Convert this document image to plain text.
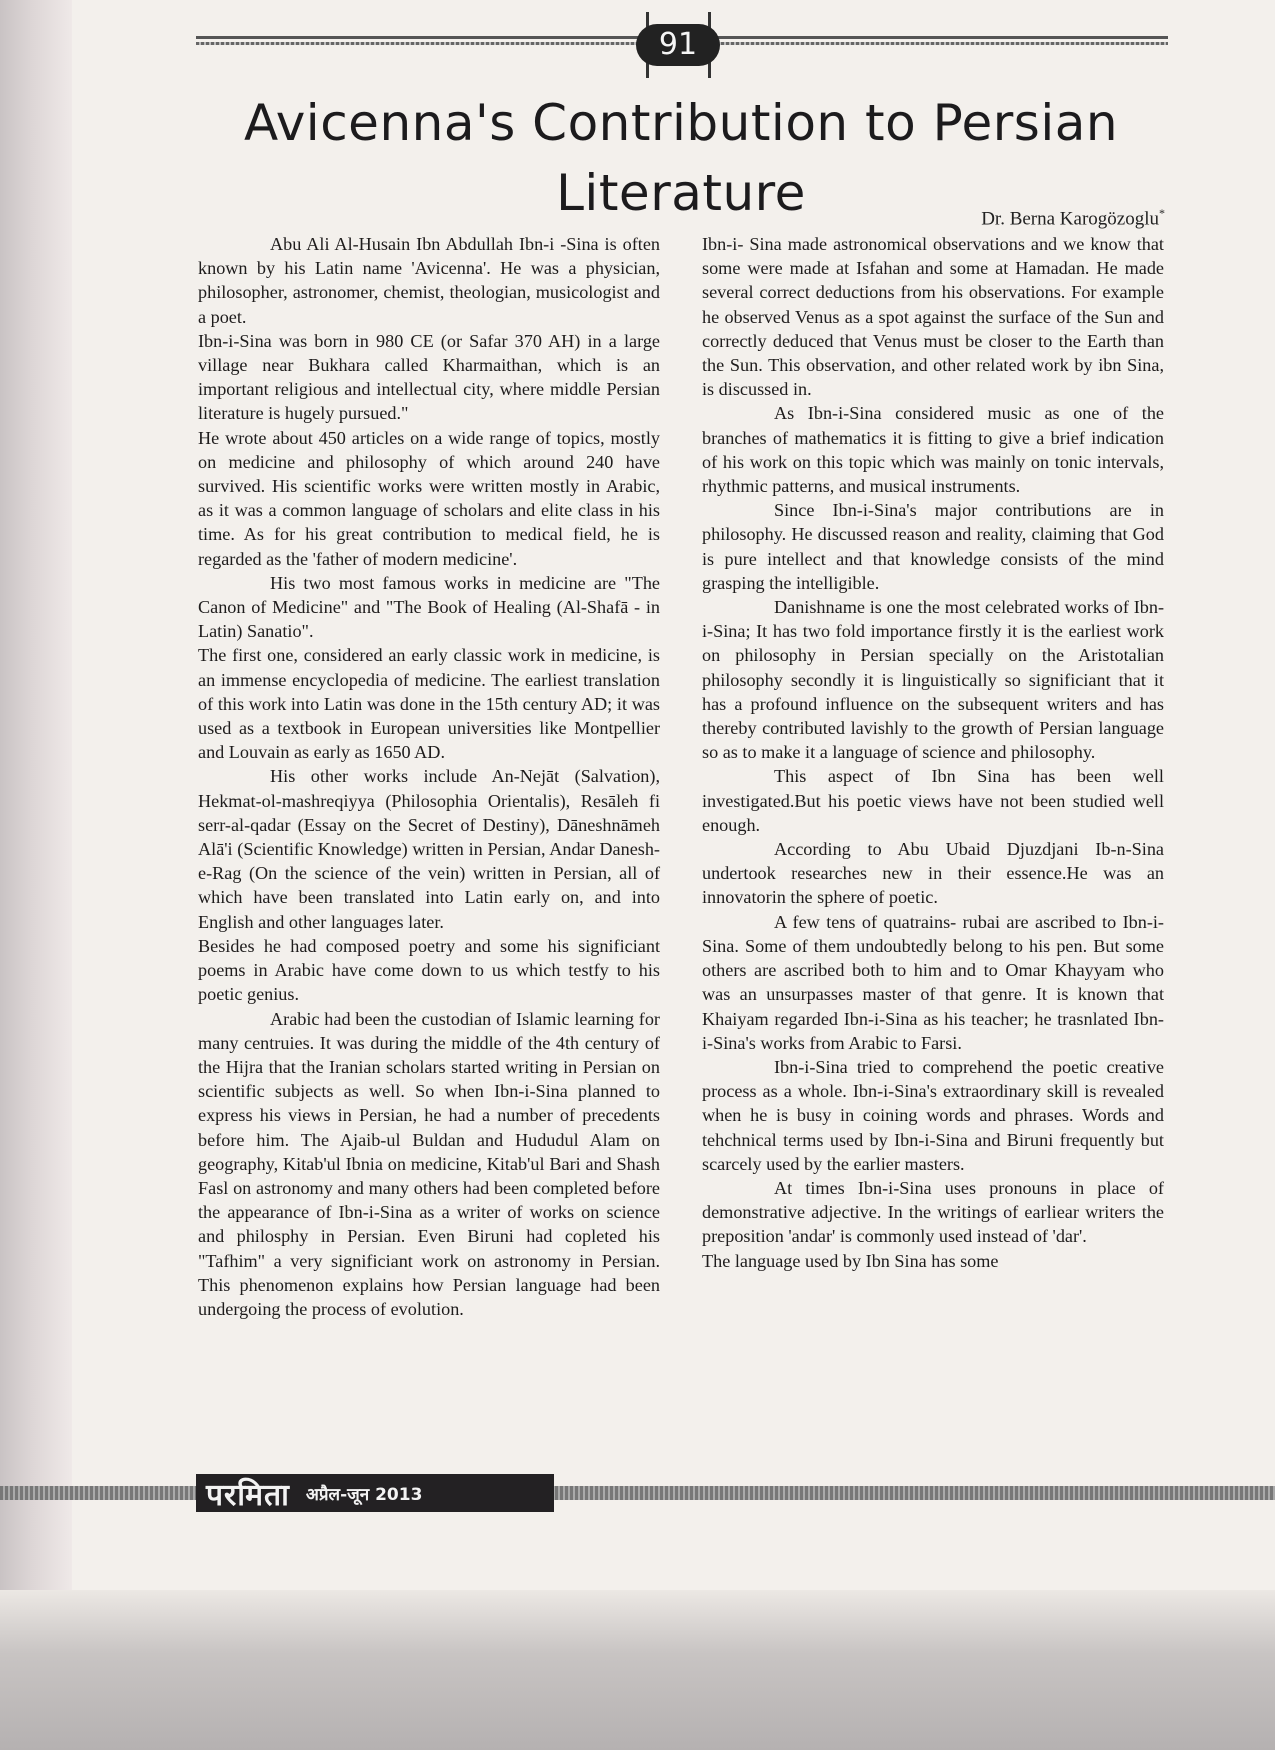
91
Avicenna's Contribution to Persian Literature	Dr. Berna Karogözoglu*

Abu Ali Al-Husain Ibn Abdullah Ibn-i -Sina is often known by his Latin name 'Avicenna'. He was a physician, philosopher, astronomer, chemist, theologian, musicologist and a poet.

Ibn-i-Sina was born in 980 CE (or Safar 370 AH) in a large village near Bukhara called Kharmaithan, which is an important religious and intellectual city, where middle Persian literature is hugely pursued."

He wrote about 450 articles on a wide range of topics, mostly on medicine and philosophy of which around 240 have survived. His scientific works were written mostly in Arabic, as it was a common language of scholars and elite class in his time. As for his great contribution to medical field, he is regarded as the 'father of modern medicine'.

His two most famous works in medicine are "The Canon of Medicine" and "The Book of Healing (Al-Shafā - in Latin) Sanatio".

The first one, considered an early classic work in medicine, is an immense encyclopedia of medicine. The earliest translation of this work into Latin was done in the 15th century AD; it was used as a textbook in European universities like Montpellier and Louvain as early as 1650 AD.

His other works include An-Nejāt (Salvation), Hekmat-ol-mashreqiyya (Philosophia Orientalis), Resāleh fi serr-al-qadar (Essay on the Secret of Destiny), Dāneshnāmeh Alā'i (Scientific Knowledge) written in Persian, Andar Danesh-e-Rag (On the science of the vein) written in Persian, all of which have been translated into Latin early on, and into English and other languages later.

Besides he had composed poetry and some his significiant poems in Arabic have come down to us which testfy to his poetic genius.

Arabic had been the custodian of Islamic learning for many centruies. It was during the middle of the 4th century of the Hijra that the Iranian scholars started writing in Persian on scientific subjects as well. So when Ibn-i-Sina planned to express his views in Persian, he had a number of precedents before him. The Ajaib-ul Buldan and Hududul Alam on geography, Kitab'ul Ibnia on medicine, Kitab'ul Bari and Shash Fasl on astronomy and many others had been completed before the appearance of Ibn-i-Sina as a writer of works on science and philosphy in Persian. Even Biruni had copleted his "Tafhim" a very significiant work on astronomy in Persian. This phenomenon explains how Persian language had been undergoing the process of evolution.

Ibn-i- Sina made astronomical observations and we know that some were made at Isfahan and some at Hamadan. He made several correct deductions from his observations. For example he observed Venus as a spot against the surface of the Sun and correctly deduced that Venus must be closer to the Earth than the Sun. This observation, and other related work by ibn Sina, is discussed in.

As Ibn-i-Sina considered music as one of the branches of mathematics it is fitting to give a brief indication of his work on this topic which was mainly on tonic intervals, rhythmic patterns, and musical instruments.

Since Ibn-i-Sina's major contributions are in philosophy. He discussed reason and reality, claiming that God is pure intellect and that knowledge consists of the mind grasping the intelligible.

Danishname is one the most celebrated works of Ibn-i-Sina; It has two fold importance firstly it is the earliest work on philosophy in Persian specially on the Aristotalian philosophy secondly it is linguistically so significiant that it has a profound influence on the subsequent writers and has thereby contributed lavishly to the growth of Persian language so as to make it a language of science and philosophy.

This aspect of Ibn Sina has been well investigated.But his poetic views have not been studied well enough.

According to Abu Ubaid Djuzdjani Ib-n-Sina undertook researches new in their essence.He was an innovatorin the sphere of poetic.

A few tens of quatrains- rubai are ascribed to Ibn-i-Sina. Some of them undoubtedly belong to his pen. But some others are ascribed both to him and to Omar Khayyam who was an unsurpasses master of that genre. It is known that Khaiyam regarded Ibn-i-Sina as his teacher; he trasnlated Ibn-i-Sina's works from Arabic to Farsi.

Ibn-i-Sina tried to comprehend the poetic creative process as a whole. Ibn-i-Sina's extraordinary skill is revealed when he is busy in coining words and phrases. Words and tehchnical terms used by Ibn-i-Sina and Biruni frequently but scarcely used by the earlier masters.

At times Ibn-i-Sina uses pronouns in place of demonstrative adjective. In the writings of earliear writers the preposition 'andar' is commonly used instead of 'dar'.

The language used by Ibn Sina has some

परमिता अप्रैल-जून 2013
